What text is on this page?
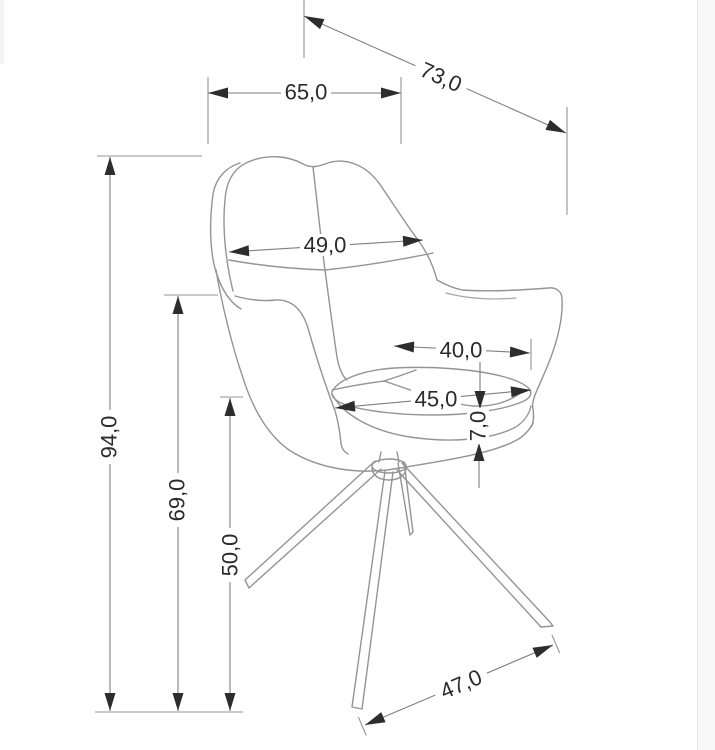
94,0
69,0
50,0
65,0	73,0
49,0
40,0
45,0
7,0
47,0
